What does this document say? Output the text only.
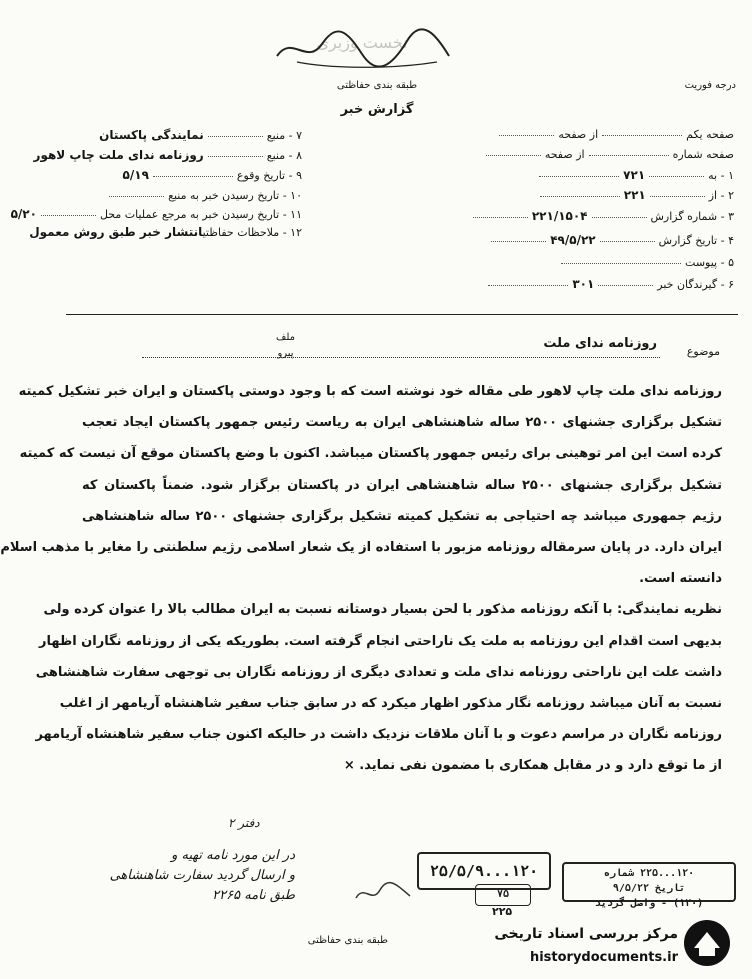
نخست وزیری
طبقه بندی حفاظتی
گزارش خبر
درجه فوریت
۷ - منبعنمایندگی پاکستان
۸ - منبعروزنامه ندای ملت چاپ لاهور
۹ - تاریخ وقوع۵/۱۹
۱۰ - تاریخ رسیدن خبر به منبع
۱۱ - تاریخ رسیدن خبر به مرجع عملیات محل۵/۲۰
۱۲ - ملاحظات حفاظتیانتشار خبر طبق روش معمول
صفحه یکماز صفحه
صفحه شمارهاز صفحه
۱ - به۷۲۱
۲ - از۲۲۱
۳ - شماره گزارش۲۲۱/۱۵۰۴
۴ - تاریخ گزارش۴۹/۵/۲۲
۵ - پیوست
۶ - گیرندگان خبر۳۰۱
موضوع
روزنامه ندای ملت
ملف
پیرو
روزنامه ندای ملت چاپ لاهور طی مقاله خود نوشته است که با وجود دوستی پاکستان و ایران خبر تشکیل کمیته
تشکیل برگزاری جشنهای ۲۵۰۰ ساله شاهنشاهی ایران به ریاست رئیس جمهور پاکستان ایجاد تعجب
کرده است این امر توهینی برای رئیس جمهور پاکستان میباشد. اکنون با وضع پاکستان موقع آن نیست که کمیته
تشکیل برگزاری جشنهای ۲۵۰۰ ساله شاهنشاهی ایران در پاکستان برگزار شود. ضمناً پاکستان که
رژیم جمهوری میباشد چه احتیاجی به تشکیل کمیته تشکیل برگزاری جشنهای ۲۵۰۰ ساله شاهنشاهی
ایران دارد. در پایان سرمقاله روزنامه مزبور با استفاده از یک شعار اسلامی رژیم سلطنتی را مغایر با مذهب اسلام
دانسته است.
نظریه نمایندگی: با آنکه روزنامه مذکور با لحن بسیار دوستانه نسبت به ایران مطالب بالا را عنوان کرده ولی
بدیهی است اقدام این روزنامه به ملت یک ناراحتی انجام گرفته است. بطوریکه یکی از روزنامه نگاران اظهار
داشت علت این ناراحتی روزنامه ندای ملت و تعدادی دیگری از روزنامه نگاران بی توجهی سفارت شاهنشاهی
نسبت به آنان میباشد روزنامه نگار مذکور اظهار میکرد که در سابق جناب سفیر شاهنشاه آریامهر از اغلب
روزنامه نگاران در مراسم دعوت و با آنان ملاقات نزدیک داشت در حالیکه اکنون جناب سفیر شاهنشاه آریامهر
از ما توقع دارد و در مقابل همکاری با مضمون نفی نماید. ×
دفتر ۲
در این مورد نامه تهیه و
و ارسال گردید سفارت شاهنشاهی
طبق نامه ۲۲۶۵
۱۲۰...۲۵/۵/۹	۱۲۰...۲۲۵ شماره
تاریخ ۹/۵/۲۲
(۱۲۰) - واصل گردید
۷۵
۲۲۵
طبقه بندی حفاظتی	مرکز بررسی اسناد تاریخی
historydocuments.ir
